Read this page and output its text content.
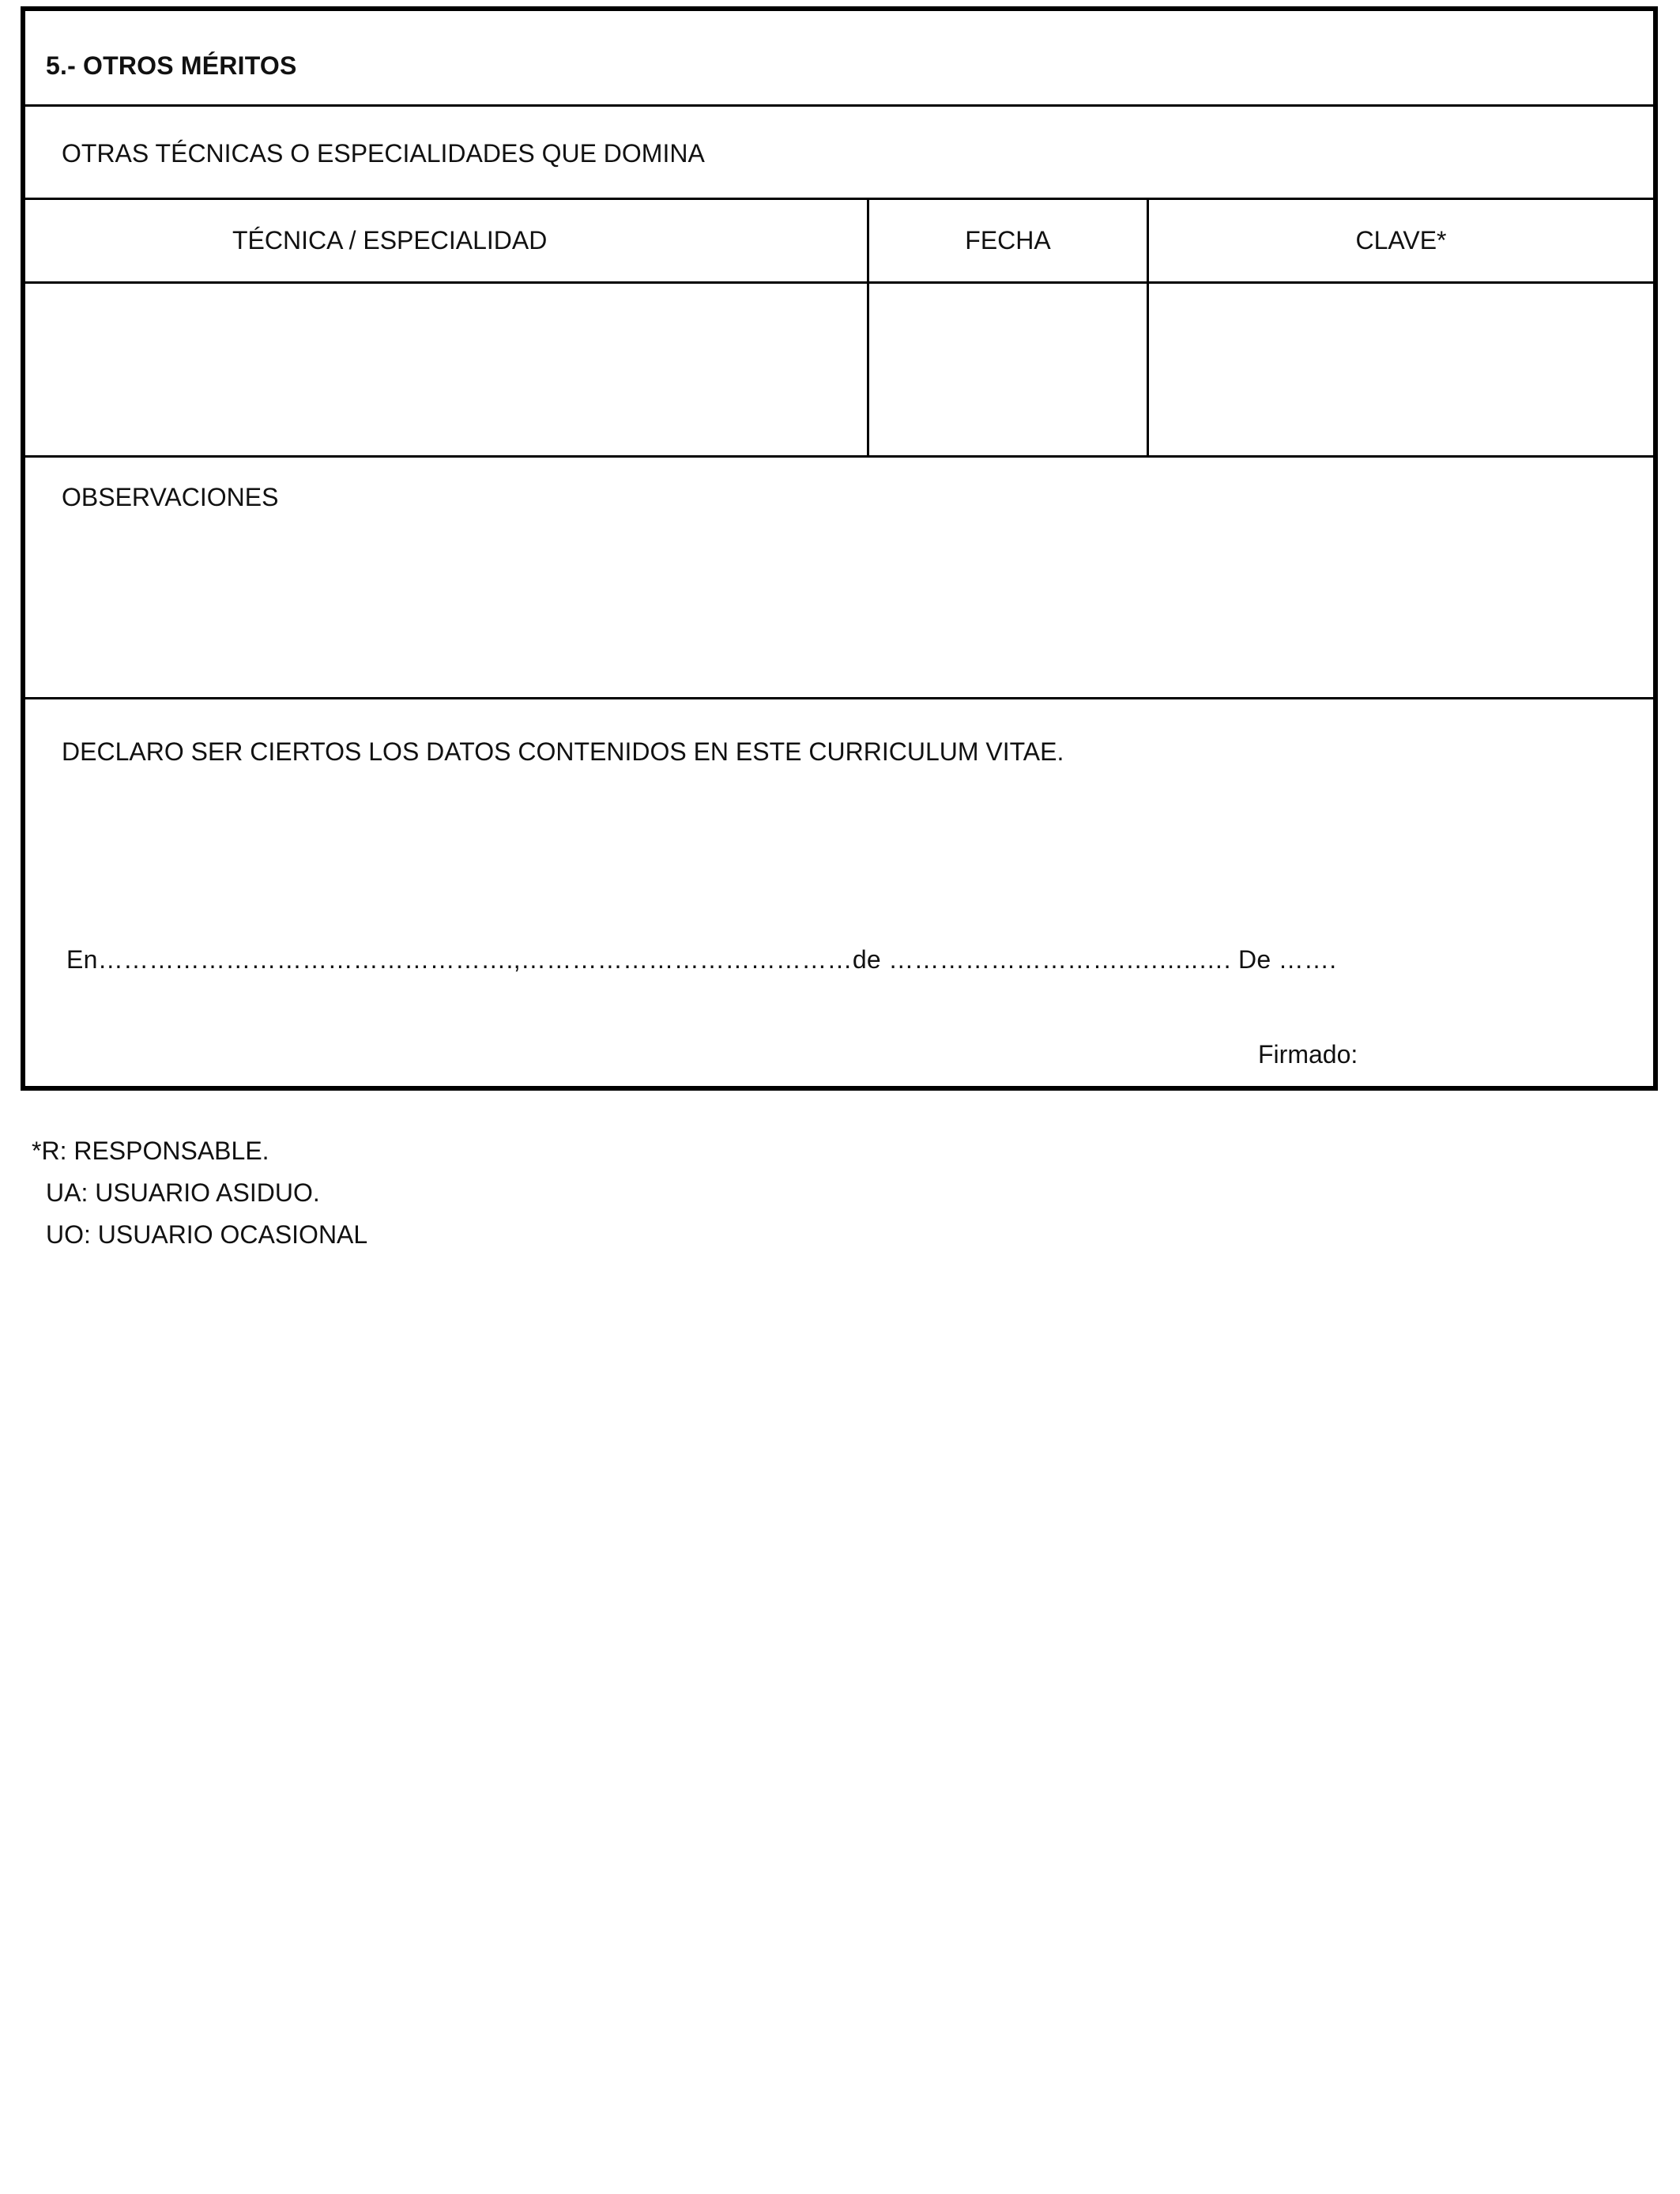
5.- OTROS MÉRITOS
OTRAS TÉCNICAS O ESPECIALIDADES QUE DOMINA
TÉCNICA / ESPECIALIDAD	FECHA	CLAVE*
OBSERVACIONES
DECLARO SER CIERTOS LOS DATOS CONTENIDOS EN ESTE CURRICULUM VITAE.
En………………………………………….,…………………………………de ……………………….….…..…. De …….
Firmado:
*R: RESPONSABLE.
UA: USUARIO ASIDUO.
UO: USUARIO OCASIONAL
